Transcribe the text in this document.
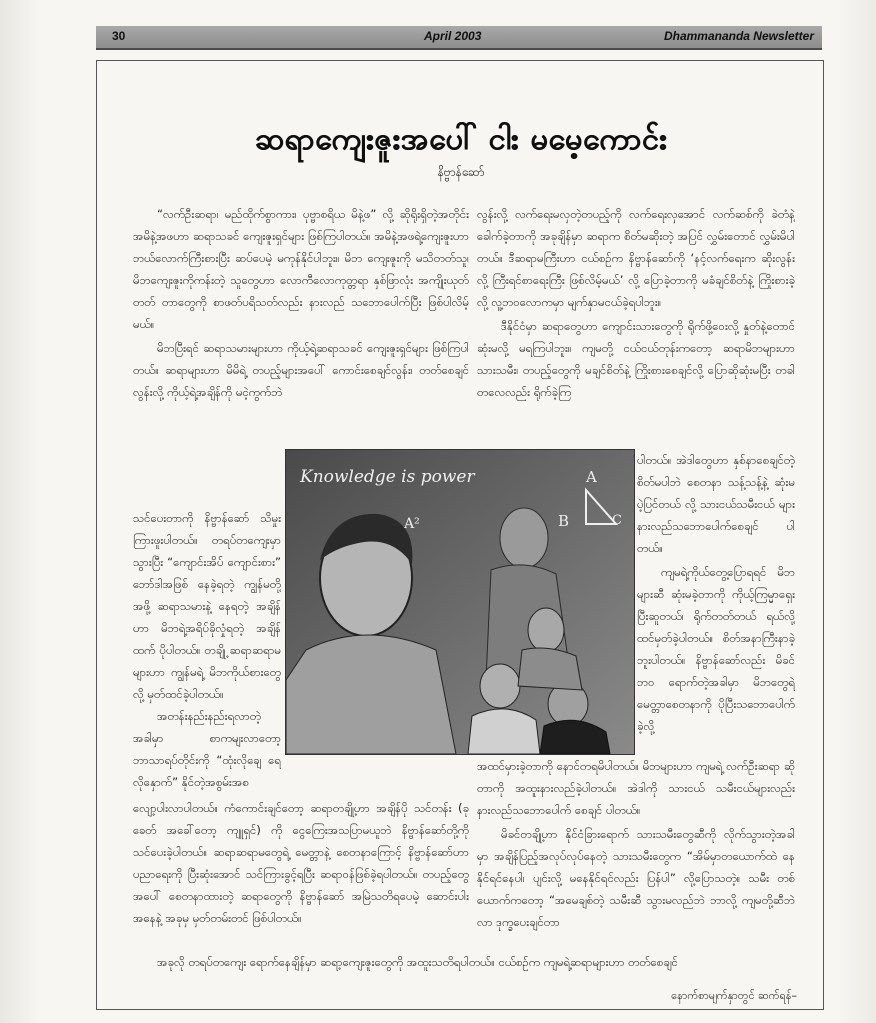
30	April 2003	Dhammananda Newsletter
ဆရာကျေးဇူးအပေါ် ငါး မမေ့ကောင်း
နိဗ္ဗာန်ဆော်

“လက်ဦးဆရာ၊ မည်ထိုက်စွာကား၊ ပုဗ္ဗာစရိယ မိနဲ့ဖ” လို့ ဆိုရိုးရှိတဲ့အတိုင်း အမိနဲ့အဖဟာ ဆရာသခင် ကျေးဇူးရှင်များ ဖြစ်ကြပါတယ်။ အမိနဲ့အဖရဲ့ကျေးဇူးဟာ ဘယ်လောက်ကြီးစားပြီး ဆပ်ပေမဲ့ မကုန်နိုင်ပါဘူး။ မိဘ ကျေးဇူးကို မသိတတ်သူ၊ မိဘကျေးဇူးကိုကန်းတဲ့ သူတွေဟာ လောကီလောကုတ္တရာ နှစ်ဖြာလုံး အကျိုးယုတ်တတ် တာတွေကို စာဖတ်ပရိသတ်လည်း နားလည် သဘောပေါက်ပြီး ဖြစ်ပါလိမ့်မယ်။

မိဘပြီးရင် ဆရာသမားများဟာ ကိုယ့်ရဲ့ဆရာသခင် ကျေးဇူးရှင်များ ဖြစ်ကြပါတယ်။ ဆရာများဟာ မိမိရဲ့ တပည့်များအပေါ် ကောင်းစေချင်လွန်း၊ တတ်စေချင်လွန်းလို့ ကိုယ့်ရဲ့အချိန်ကို မငဲ့ကွက်ဘဲ

သင်ပေးတာကို နိဗ္ဗာန်ဆော် သိမှုးကြားဖူးပါတယ်။ တရပ်တကျေးမှာသွားပြီး “ကျောင်းအိပ် ကျောင်းစား” ဘော်ဒါအဖြစ် နေခဲ့ရတဲ့ ကျွန်မတို့ အဖို့ ဆရာသမားနဲ့ နေရတဲ့ အချိန်ဟာ မိဘရဲ့အရိပ်ခိုလှုံရတဲ့ အချိန်ထက် ပိုပါတယ်။ တချို့ ဆရာဆရာမများဟာ ကျွန်မရဲ့ မိဘကိုယ်စားတွေလို့ မှတ်ထင်ခဲ့ပါတယ်။

အတန်းနည်းနည်းရလာတဲ့ အခါမှာ စာကမျးလာတော့ ဘာသာရပ်တိုင်းကို “ထုံးလိုချေ ရေလိုနှောက်” နိုင်တဲ့အစွမ်းအစ

လျော့ပါးလာပါတယ်။ ကံကောင်းချင်တော့ ဆရာတချို့ဟာ အချိန်ပို သင်တန်း (ခုခေတ် အခေါ်တော့ ကျူရှင်) ကို ငွေကြေးအသပြာမယူဘဲ နိဗ္ဗာန်ဆော်တို့ကို သင်ပေးခဲ့ပါတယ်။ ဆရာဆရာမတွေရဲ့ မေတ္တာနဲ့ စေတနာကြောင့် နိဗ္ဗာန်ဆော်ဟာ ပညာရေးကို ပြီးဆုံးအောင် သင်ကြားခွင့်ရပြီး ဆရာဝန်ဖြစ်ခဲ့ရပါတယ်။ တပည့်တွေအပေါ် စေတနာထားတဲ့ ဆရာတွေကို နိဗ္ဗာန်ဆော် အမြဲသတိရပေမဲ့ ဆောင်းပါးအနေနဲ့ အခုမှ မှတ်တမ်းတင် ဖြစ်ပါတယ်။

အခုလို တရပ်တကျေး ရောက်နေချိန်မှာ ဆရာ့ကျေးဇူးတွေကို အထူးသတိရပါတယ်။ ငယ်စဉ်က ကျမရဲ့ဆရာများဟာ တတ်စေချင်

လွန်းလို့ လက်ရေးမလှတဲ့တပည့်ကို လက်ရေးလှအောင် လက်ဆစ်ကို ခဲတံနဲ့ခေါက်ခဲ့တာကို အခုချိန်မှာ ဆရာက စိတ်မဆိုးတဲ့ အပြင် လွှမ်းတောင် လွှမ်းမိပါတယ်။ ဒီဆရာမကြီးဟာ ငယ်စဉ်က နိဗ္ဗာန်ဆော်ကို ‘နင့်လက်ရေးက ဆိုးလွန်းလို့ ကြီးရင်စာရေးကြီး ဖြစ်လိမ့်မယ်’ လို့ ပြောခဲ့တာကို မခံချင်စိတ်နဲ့ ကြိုးစားခဲ့ လို့ လူ့ဘဝလောကမှာ မျက်နှာမငယ်ခဲ့ရပါဘူး။

ဒီနိုင်ငံမှာ ဆရာတွေဟာ ကျောင်းသားတွေကို ရိုက်ဖို့ဝေးလို့ နှုတ်နဲ့တောင် ဆုံးမလို့ မရကြပါဘူး။ ကျမတို့ ငယ်ငယ်တုန်းကတော့ ဆရာမိဘများဟာ သားသမီး၊ တပည့်တွေကို မချင်စိတ်နဲ့ ကြိုးစားစေချင်လို့ ပြောဆိုဆုံးမပြီး တခါတလေလည်း ရိုက်ခဲ့ကြ

ပါတယ်။ အဲဒါတွေဟာ နှစ်နာစေချင်တဲ့ စိတ်မပါဘဲ စေတနာ သန့်သန့်နဲ့ ဆုံးမပဲ့ပြင်တယ် လို့ သားငယ်သမီးငယ် များ နားလည်သဘောပေါက်စေချင် ပါတယ်။

ကျမရဲ့ကိုယ်တွေ့ပြောရရင် မိဘများဆီ ဆုံးမခဲ့တာကို ကိုယ့်ကြမ္မာရှေးပြီးဆူတယ်၊ ရိုက်တတ်တယ် ရယ်လို့ ထင်မှတ်ခဲ့ပါတယ်။ စိတ်အနာကြီးနာခဲ့ဘူးပါတယ်။ နိဗ္ဗာန်ဆော်လည်း မိခင်ဘဝ ရောက်တဲ့အခါမှာ မိဘတွေရဲ့ မေတ္တာစေတနာကို ပိုပြီးသဘောပေါက်ခဲ့လို့

အထင်မှားခဲ့တာကို နောင်တရမိပါတယ်။ မိဘများဟာ ကျမရဲ့ လက်ဦးဆရာ ဆိုတာကို အထူးနားလည်ခဲ့ပါတယ်။ အဲဒါကို သားငယ် သမီးငယ်များလည်း နားလည်သဘောပေါက် စေချင် ပါတယ်။

မိခင်တချို့ဟာ နိုင်ငံခြားရောက် သားသမီးတွေဆီကို လိုက်သွားတဲ့အခါ မှာ အချိန်ပြည့်အလုပ်လုပ်နေတဲ့ သားသမီးတွေက “အိမ်မှာတယောက်ထဲ နေနိုင်ရင်နေပါ၊ ပျင်းလို့ မနေနိုင်ရင်လည်း ပြန်ပါ” လို့ပြောသတဲ့။ သမီး တစ်ယောက်ကတော့ “အမေချစ်တဲ့ သမီးဆီ သွားမလည်ဘဲ ဘာလို့ ကျမတို့ဆီဘဲ လာ ဒုက္ခပေးချင်တာ

နောက်စာမျက်နှာတွင် ဆက်ရန်–
Knowledge is power	A
B	C
A²
